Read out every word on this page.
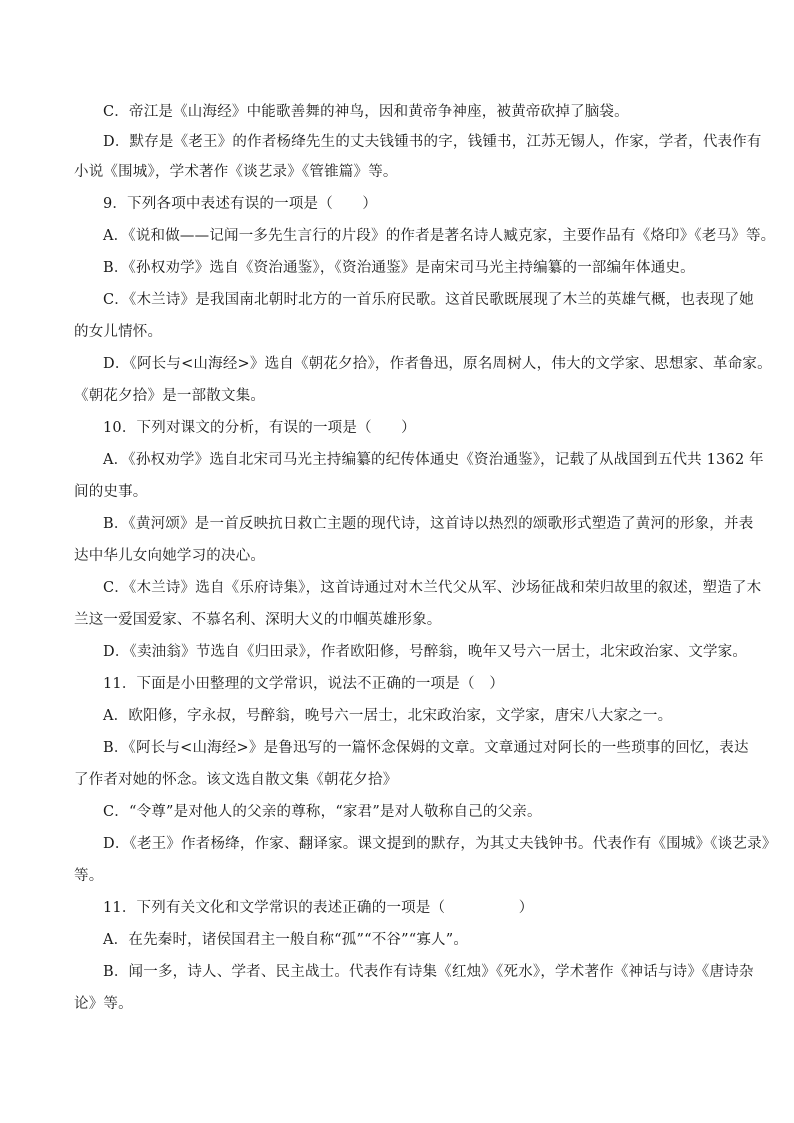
C．帝江是《山海经》中能歌善舞的神鸟，因和黄帝争神座，被黄帝砍掉了脑袋。
D．默存是《老王》的作者杨绛先生的丈夫钱锺书的字，钱锺书，江苏无锡人，作家，学者，代表作有
小说《围城》，学术著作《谈艺录》《管锥篇》等。
9．下列各项中表述有误的一项是（　　）
A．《说和做——记闻一多先生言行的片段》的作者是著名诗人臧克家，主要作品有《烙印》《老马》等。
B．《孙权劝学》选自《资治通鉴》，《资治通鉴》是南宋司马光主持编纂的一部编年体通史。
C．《木兰诗》是我国南北朝时北方的一首乐府民歌。这首民歌既展现了木兰的英雄气概，也表现了她
的女儿情怀。
D．《阿长与<山海经>》选自《朝花夕拾》，作者鲁迅，原名周树人，伟大的文学家、思想家、革命家。
《朝花夕拾》是一部散文集。
10．下列对课文的分析，有误的一项是（　　）
A．《孙权劝学》选自北宋司马光主持编纂的纪传体通史《资治通鉴》，记载了从战国到五代共 1362 年
间的史事。
B．《黄河颂》是一首反映抗日救亡主题的现代诗，这首诗以热烈的颂歌形式塑造了黄河的形象，并表
达中华儿女向她学习的决心。
C．《木兰诗》选自《乐府诗集》，这首诗通过对木兰代父从军、沙场征战和荣归故里的叙述，塑造了木
兰这一爱国爱家、不慕名利、深明大义的巾帼英雄形象。
D．《卖油翁》节选自《归田录》，作者欧阳修，号醉翁，晚年又号六一居士，北宋政治家、文学家。
11．下面是小田整理的文学常识，说法不正确的一项是（　）
A．欧阳修，字永叔，号醉翁，晚号六一居士，北宋政治家，文学家，唐宋八大家之一。
B．《阿长与<山海经>》是鲁迅写的一篇怀念保姆的文章。文章通过对阿长的一些琐事的回忆，表达
了作者对她的怀念。该文选自散文集《朝花夕拾》
C．“令尊”是对他人的父亲的尊称，“家君”是对人敬称自己的父亲。
D．《老王》作者杨绛，作家、翻译家。课文提到的默存，为其丈夫钱钟书。代表作有《围城》《谈艺录》
等。
11．下列有关文化和文学常识的表述正确的一项是（　　　　　）
A．在先秦时，诸侯国君主一般自称“孤”“不谷”“寡人”。
B．闻一多，诗人、学者、民主战士。代表作有诗集《红烛》《死水》，学术著作《神话与诗》《唐诗杂
论》等。
